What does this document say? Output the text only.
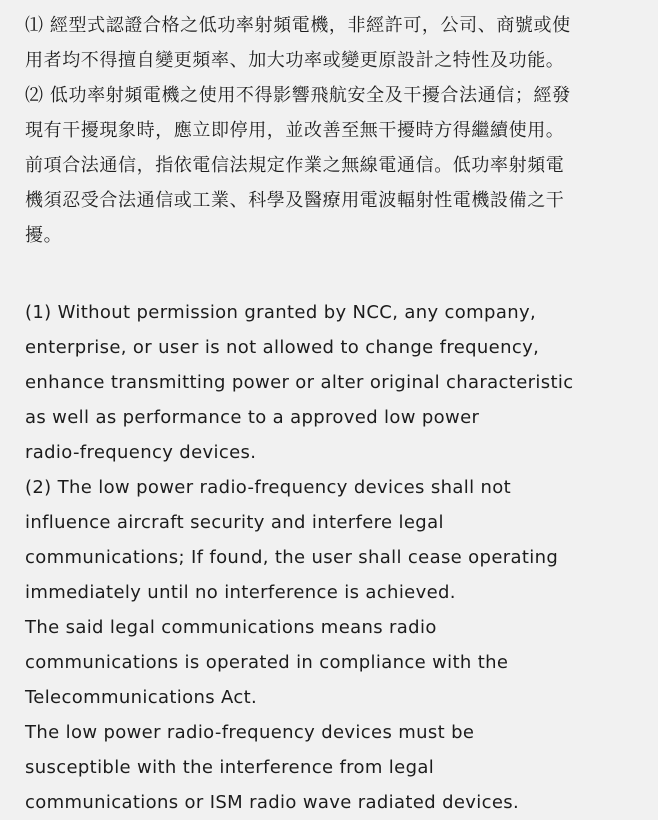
⑴ 經型式認證合格之低功率射頻電機，非經許可，公司、商號或使
用者均不得擅自變更頻率、加大功率或變更原設計之特性及功能。
⑵ 低功率射頻電機之使用不得影響飛航安全及干擾合法通信；經發
現有干擾現象時，應立即停用，並改善至無干擾時方得繼續使用。
前項合法通信，指依電信法規定作業之無線電通信。低功率射頻電
機須忍受合法通信或工業、科學及醫療用電波輻射性電機設備之干
擾。
(1) Without permission granted by NCC, any company,
enterprise, or user is not allowed to change frequency,
enhance transmitting power or alter original characteristic
as well as performance to a approved low power
radio-frequency devices.
(2) The low power radio-frequency devices shall not
influence aircraft security and interfere legal
communications; If found, the user shall cease operating
immediately until no interference is achieved.
The said legal communications means radio
communications is operated in compliance with the
Telecommunications Act.
The low power radio-frequency devices must be
susceptible with the interference from legal
communications or ISM radio wave radiated devices.
